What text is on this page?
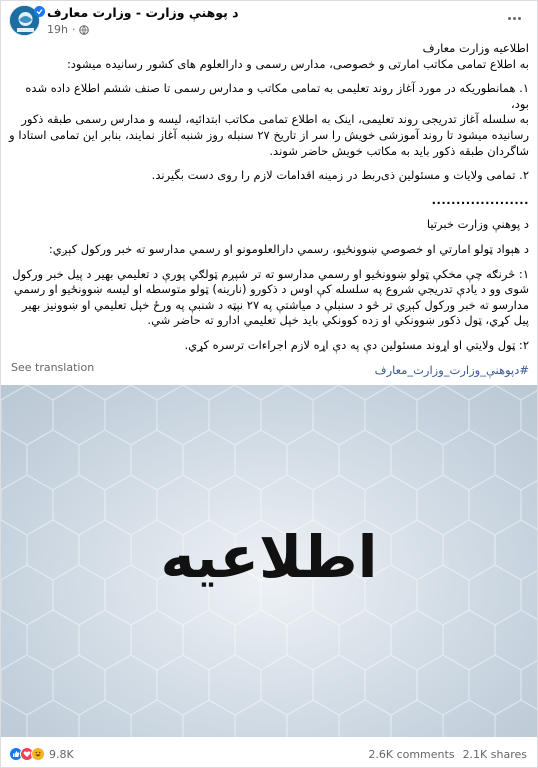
د پوهنې وزارت - وزارت معارف
19h ·

اطلاعیه وزارت معارف

به اطلاع تمامی مکاتب امارتی و خصوصی، مدارس رسمی و دارالعلوم های کشور رسانیده میشود:

۱. همانطوریکه در مورد آغاز روند تعلیمی به تمامی مکاتب و مدارس رسمی تا صنف ششم اطلاع داده شده بود،

به سلسله آغاز تدریجی روند تعلیمی، اینک به اطلاع تمامی مکاتب ابتدائیه، لیسه و مدارس رسمی طبقه ذکور رسانیده میشود تا روند آموزشی خویش را سر از تاریخ ۲۷ سنبله روز شنبه آغاز نمایند، بنابر این تمامی استادا و شاگردان طبقه ذکور باید به مکاتب خویش حاضر شوند.

۲. تمامی ولایات و مسئولین ذی‌ربط در زمینه اقدامات لازم را روی دست بگیرند.

....................

د پوهنې وزارت خبرتیا

د هېواد ټولو امارتي او خصوصي ښوونځیو، رسمي دارالعلومونو او رسمي مدارسو ته خبر ورکول کېږي:

۱: څرنګه چې مخکې ټولو ښوونځیو او رسمي مدارسو ته تر شپږم ټولګي پورې د تعلیمي بهیر د پیل خبر ورکول شوی وو د یادې تدریجي شروع په سلسله کې اوس د ذکورو (نارینه) ټولو متوسطه او لیسه ښوونځیو او رسمي مدارسو ته خبر ورکول کېږي تر څو د سنبلې د میاشتې په ۲۷ نېټه د شنبې په ورځ خپل تعلیمي او ښوونیز بهیر پیل کړي، ټول ذکور ښوونکي او زده کوونکي باید خپل تعلیمي ادارو ته حاضر شي.

۲: ټول ولایتي او اړوند مسئولین دې په دې اړه لازم اجراءات ترسره کړي.

#دپوهنې_وزارت_وزارت_معارف

See translation
اطلاعیه
9.8K	2.6K comments 2.1K shares
